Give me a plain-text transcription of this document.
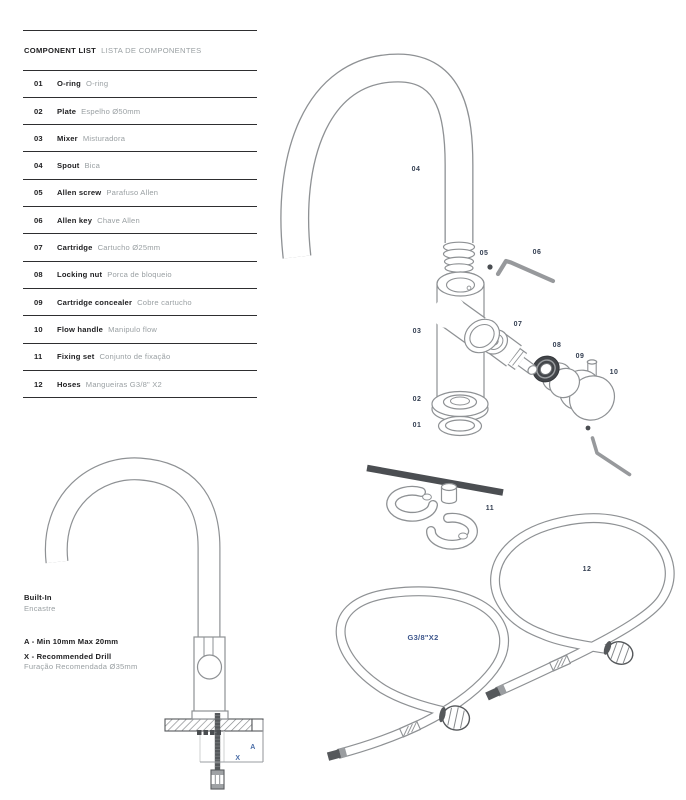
COMPONENT LIST LISTA DE COMPONENTES
01	O-ring O-ring
02	Plate Espelho Ø50mm
03	Mixer Misturadora
04	Spout Bica
05	Allen screw Parafuso Allen
06	Allen key Chave Allen
07	Cartridge Cartucho Ø25mm
08	Locking nut Porca de bloqueio
09	Cartridge concealer Cobre cartucho
10	Flow handle Manipulo flow
11	Fixing set Conjunto de fixação
12	Hoses Mangueiras G3/8" X2
04
05	06
03
07
08
09
10
02
01
11
12
G3/8"X2
A
X
Built-In
Encastre
A - Min 10mm Max 20mm
X - Recommended Drill
Furação Recomendada Ø35mm
